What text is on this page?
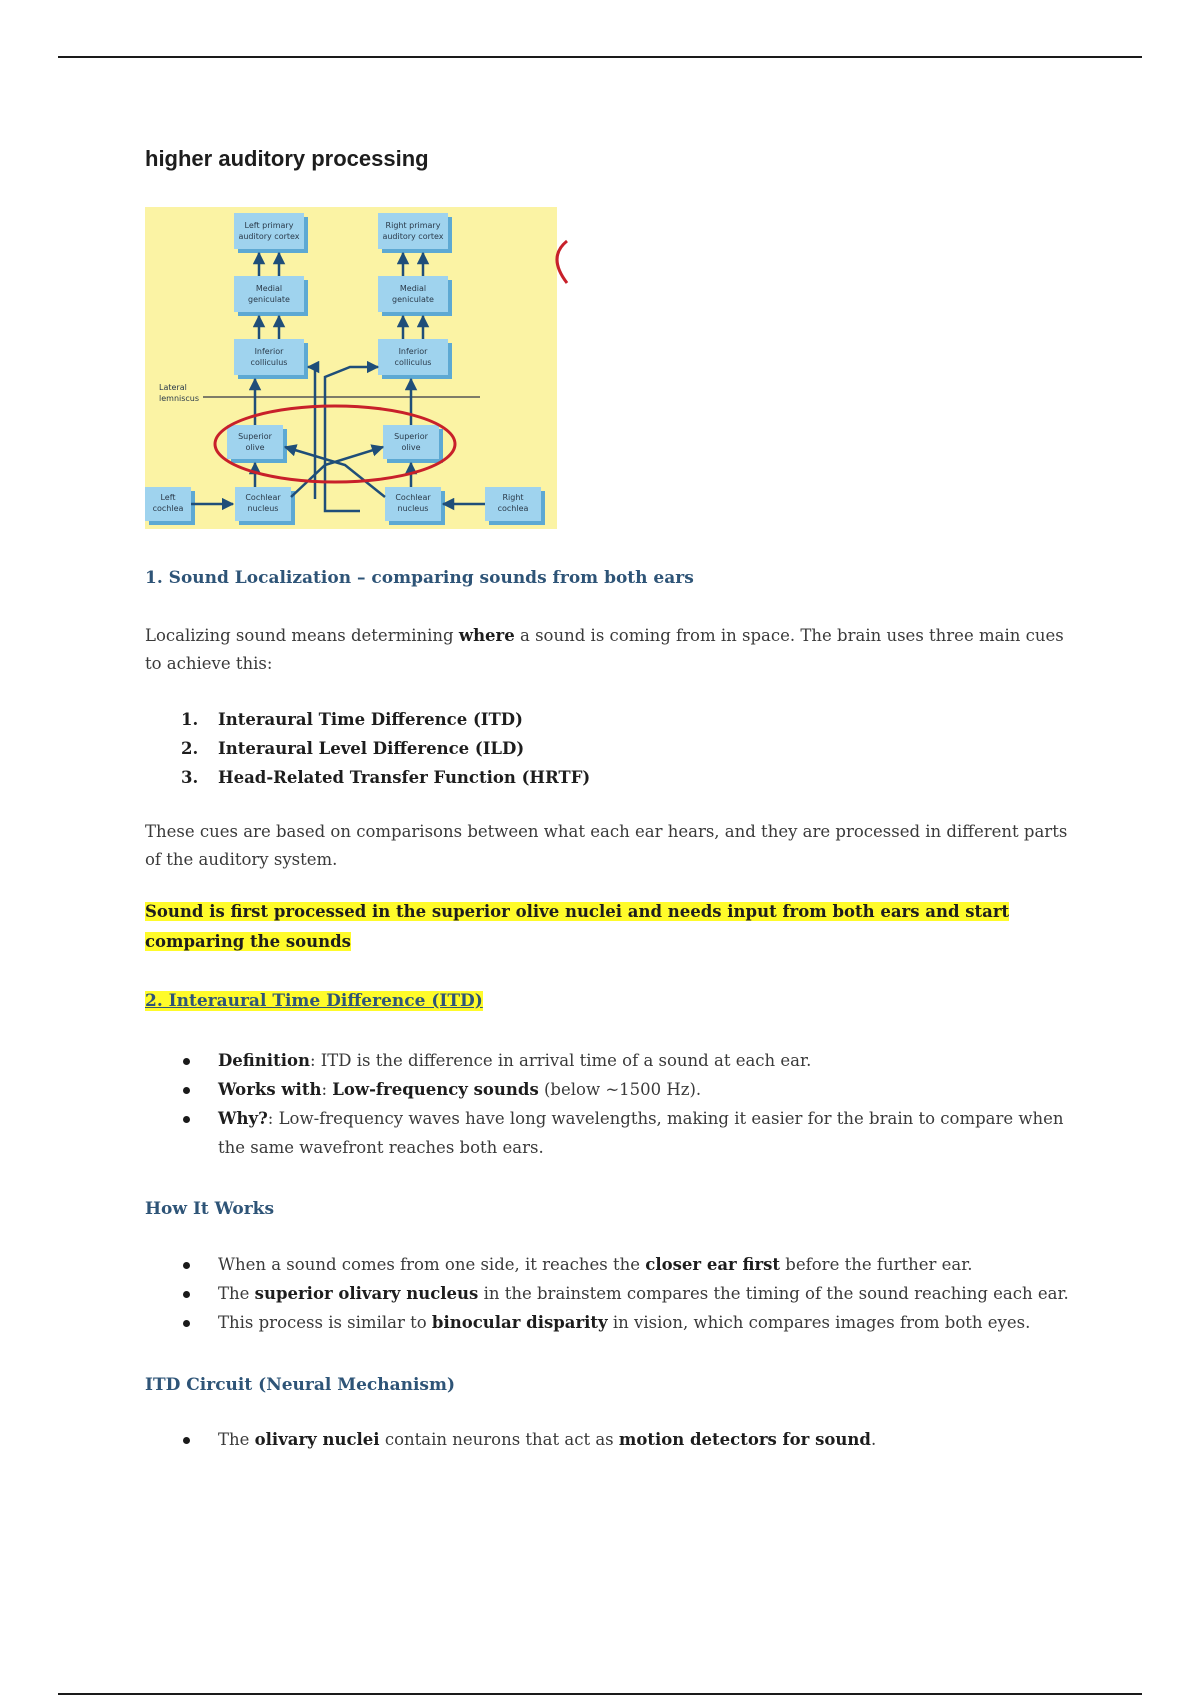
higher auditory processing
Left primary
auditory cortex
Right primary
auditory cortex
Medial
geniculate
Medial
geniculate
Inferior
colliculus
Inferior
colliculus
Lateral
lemniscus
Superior
olive
Superior
olive
Left
cochlea
Cochlear
nucleus
Cochlear
nucleus
Right
cochlea
1. Sound Localization – comparing sounds from both ears

Localizing sound means determining where a sound is coming from in space. The brain uses three main cues to achieve this:

1. Interaural Time Difference (ITD)
2. Interaural Level Difference (ILD)
3. Head-Related Transfer Function (HRTF)

These cues are based on comparisons between what each ear hears, and they are processed in different parts of the auditory system.

Sound is first processed in the superior olive nuclei and needs input from both ears and start comparing the sounds

2. Interaural Time Difference (ITD)
Definition: ITD is the difference in arrival time of a sound at each ear.
Works with: Low-frequency sounds (below ~1500 Hz).
Why?: Low-frequency waves have long wavelengths, making it easier for the brain to compare when the same wavefront reaches both ears.
How It Works
When a sound comes from one side, it reaches the closer ear first before the further ear.
The superior olivary nucleus in the brainstem compares the timing of the sound reaching each ear.
This process is similar to binocular disparity in vision, which compares images from both eyes.
ITD Circuit (Neural Mechanism)
The olivary nuclei contain neurons that act as motion detectors for sound.
